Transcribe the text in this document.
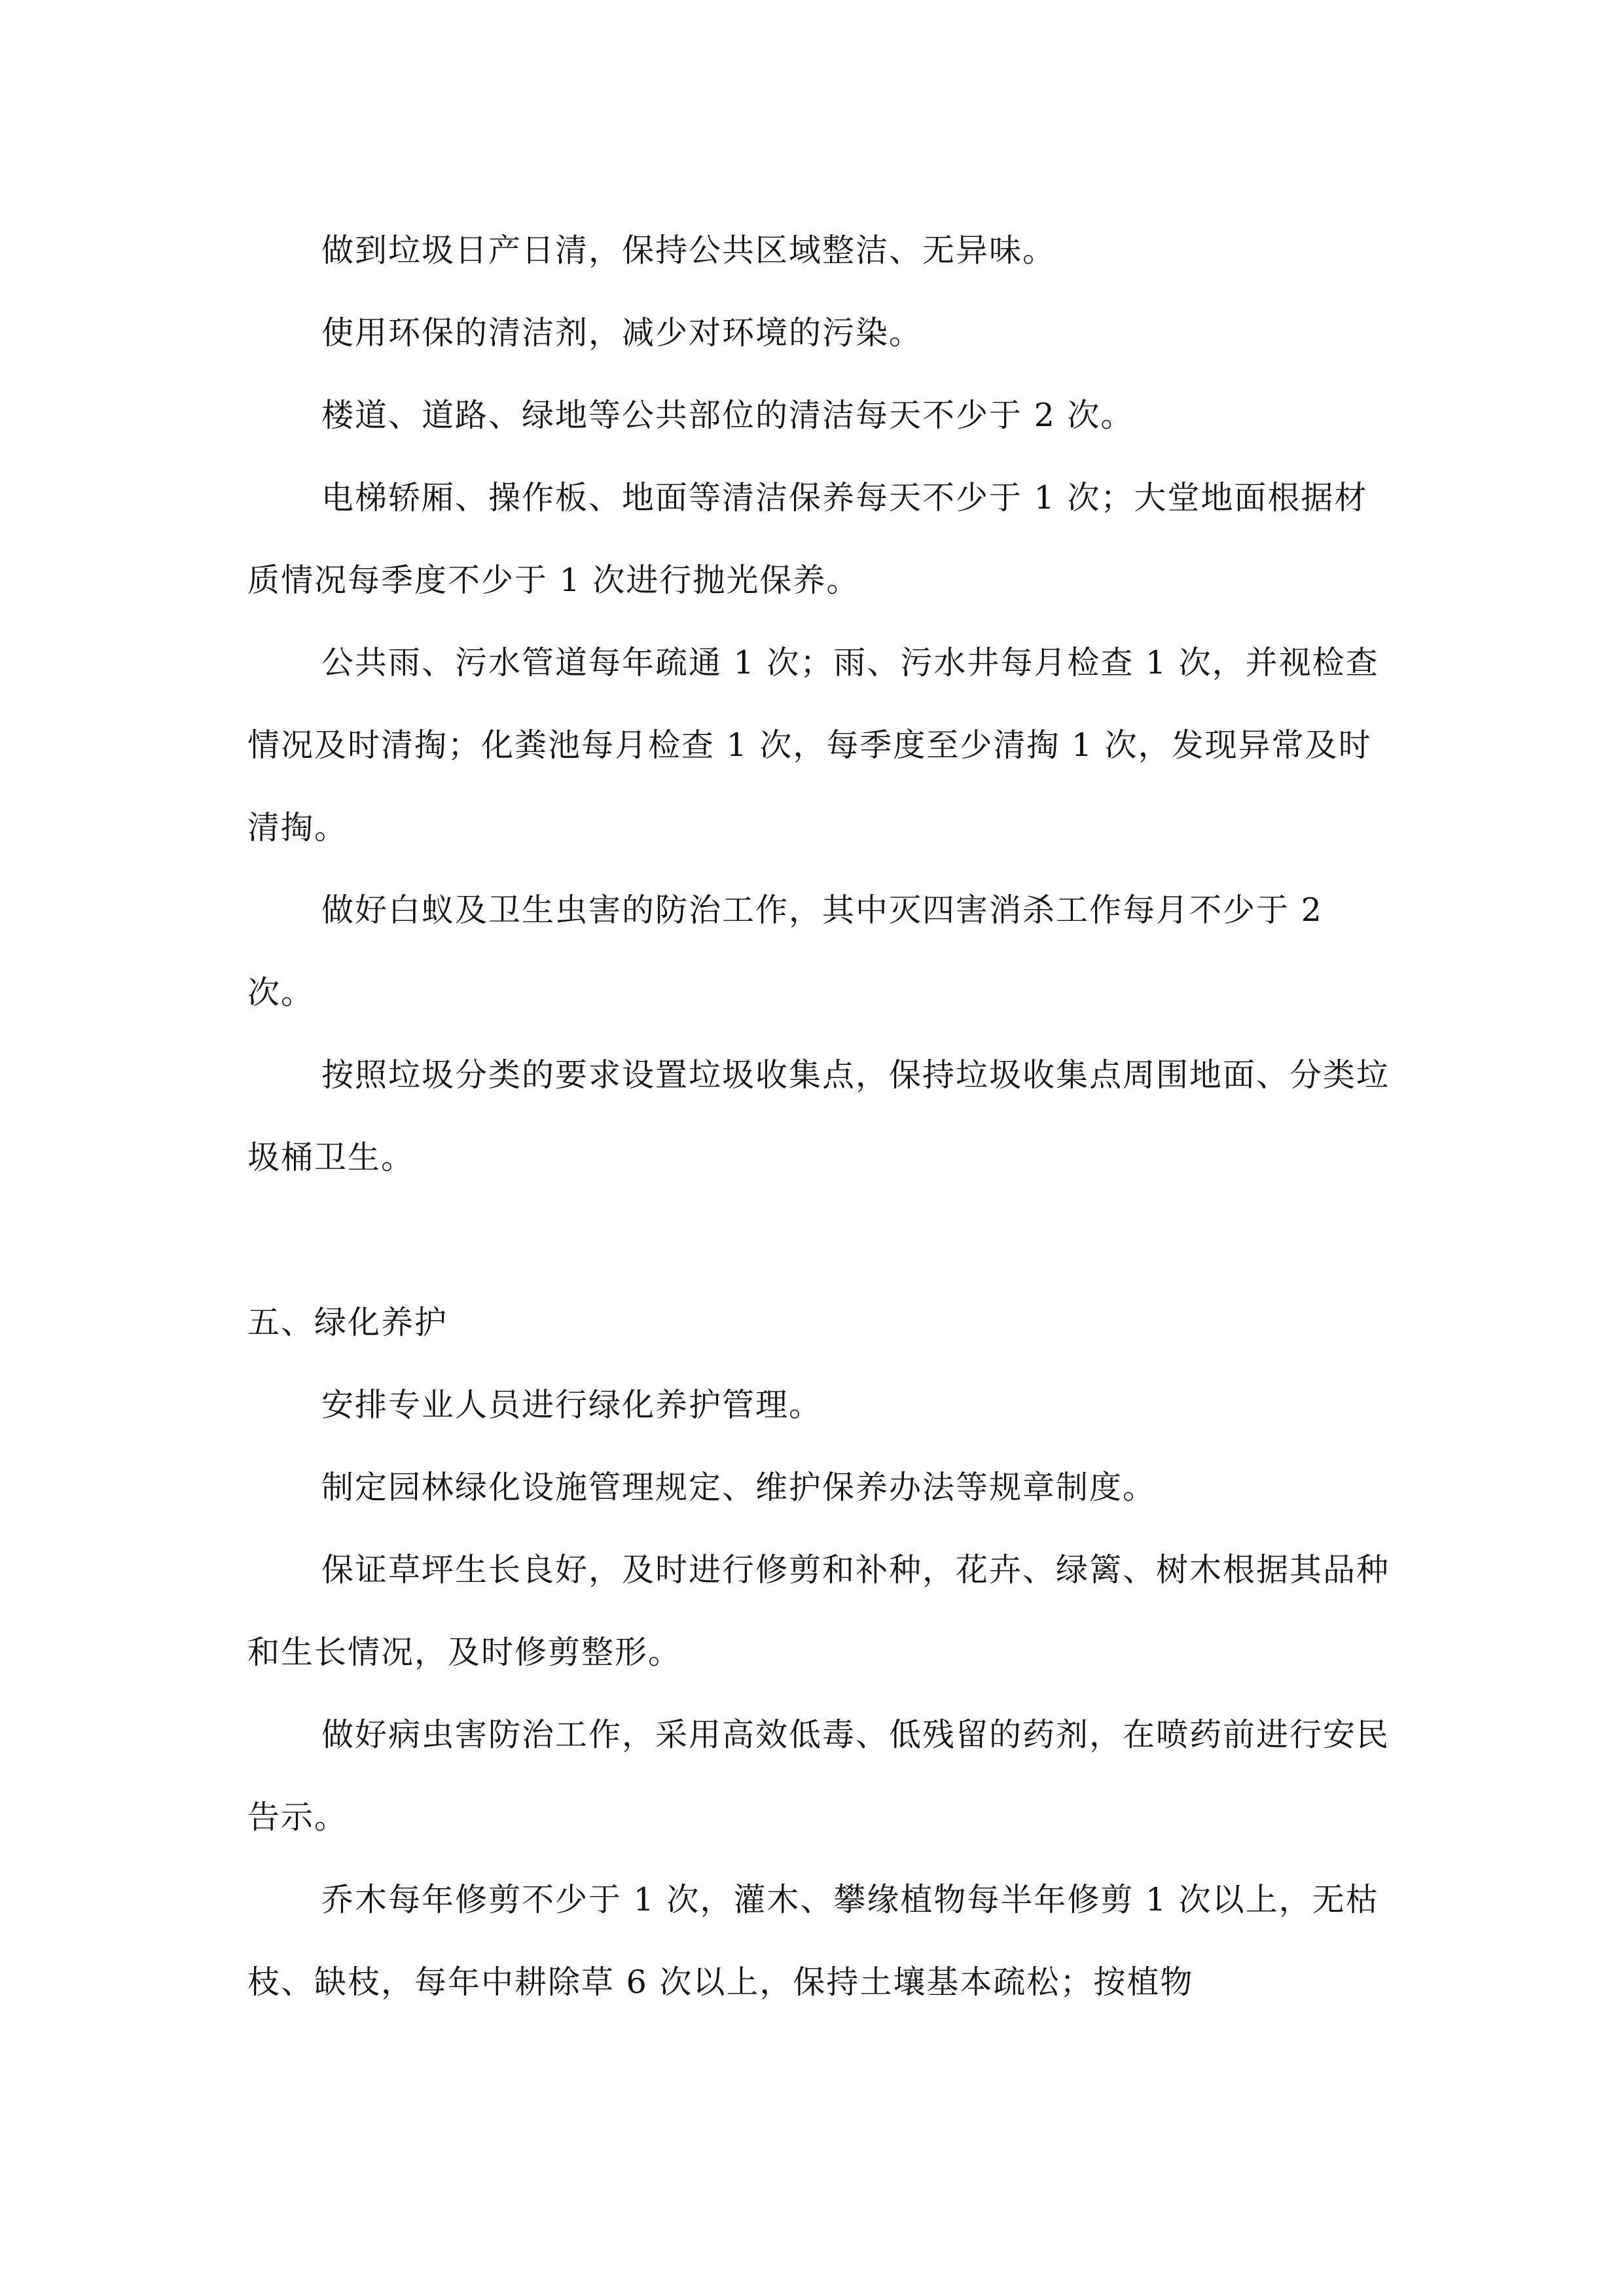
做到垃圾日产日清，保持公共区域整洁、无异味。

使用环保的清洁剂，减少对环境的污染。

楼道、道路、绿地等公共部位的清洁每天不少于 2 次。

电梯轿厢、操作板、地面等清洁保养每天不少于 1 次；大堂地面根据材质情况每季度不少于 1 次进行抛光保养。

公共雨、污水管道每年疏通 1 次；雨、污水井每月检查 1 次，并视检查情况及时清掏；化粪池每月检查 1 次，每季度至少清掏 1 次，发现异常及时清掏。

做好白蚁及卫生虫害的防治工作，其中灭四害消杀工作每月不少于 2 次。

按照垃圾分类的要求设置垃圾收集点，保持垃圾收集点周围地面、分类垃圾桶卫生。

五、绿化养护

安排专业人员进行绿化养护管理。

制定园林绿化设施管理规定、维护保养办法等规章制度。

保证草坪生长良好，及时进行修剪和补种，花卉、绿篱、树木根据其品种和生长情况，及时修剪整形。

做好病虫害防治工作，采用高效低毒、低残留的药剂，在喷药前进行安民告示。

乔木每年修剪不少于 1 次，灌木、攀缘植物每半年修剪 1 次以上，无枯枝、缺枝，每年中耕除草 6 次以上，保持土壤基本疏松；按植物
